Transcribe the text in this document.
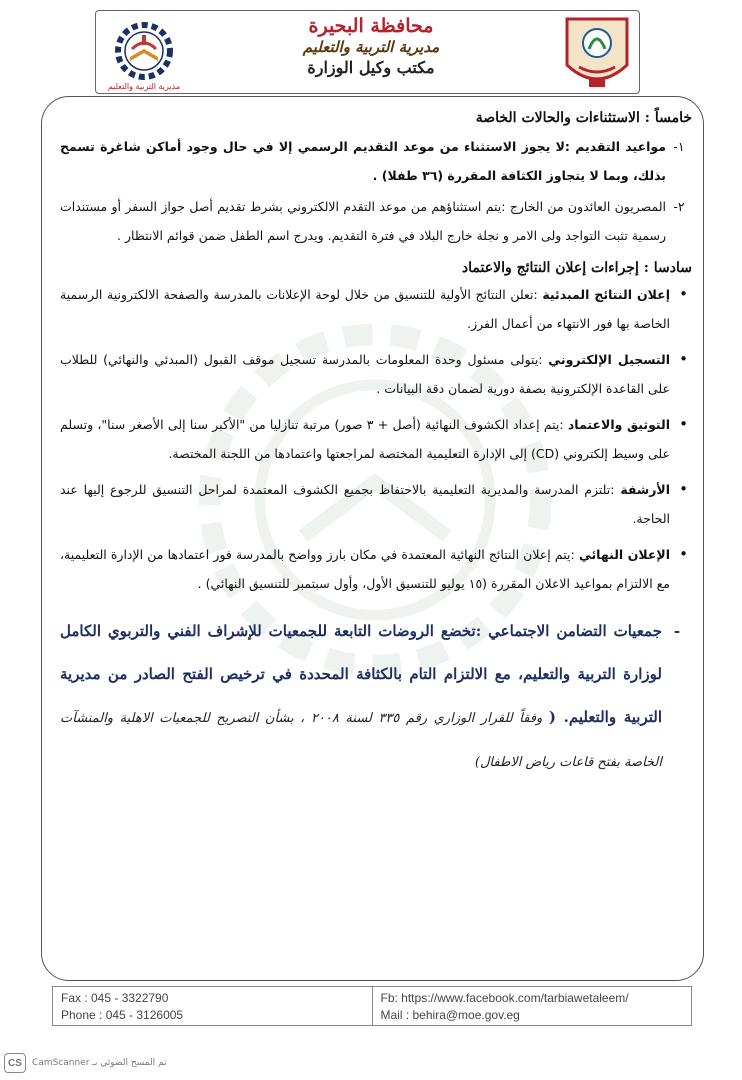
مديرية التربية والتعليم
محافظة البحيرة
مديرية التربية والتعليم
مكتب وكيل الوزارة
خامساً : الاستثناءات والحالات الخاصة
١-
مواعيد التقديم :لا يجوز الاستثناء من موعد التقديم الرسمي إلا في حال وجود أماكن شاغرة تسمح بذلك، وبما لا يتجاوز الكثافة المقررة (٣٦ طفلا) .
٢-
المصريون العائدون من الخارج :يتم استثناؤهم من موعد التقدم الالكتروني بشرط تقديم أصل جواز السفر أو مستندات رسمية تثبت التواجد ولى الامر و نجلة خارج البلاد في فترة التقديم. ويدرج اسم الطفل ضمن قوائم الانتظار .
سادسا : إجراءات إعلان النتائج والاعتماد
• إعلان النتائج المبدئية :تعلن النتائج الأولية للتنسيق من خلال لوحة الإعلانات بالمدرسة والصفحة الالكترونية الرسمية الخاصة بها فور الانتهاء من أعمال الفرز.
• التسجيل الإلكتروني :يتولى مسئول وحدة المعلومات بالمدرسة تسجيل موقف القبول (المبدئي والنهائي) للطلاب على القاعدة الإلكترونية بصفة دورية لضمان دقة البيانات .
• التوثيق والاعتماد :يتم إعداد الكشوف النهائية (أصل + ٣ صور) مرتبة تنازليا من "الأكبر سنا إلى الأصغر سنا"، وتسلم على وسيط إلكتروني (CD) إلى الإدارة التعليمية المختصة لمراجعتها واعتمادها من اللجنة المختصة.
• الأرشفة :تلتزم المدرسة والمديرية التعليمية بالاحتفاظ بجميع الكشوف المعتمدة لمراحل التنسيق للرجوع إليها عند الحاجة.
• الإعلان النهائي :يتم إعلان النتائج النهائية المعتمدة في مكان بارز وواضح بالمدرسة فور اعتمادها من الإدارة التعليمية، مع الالتزام بمواعيد الاعلان المقررة (١٥ يوليو للتنسيق الأول، وأول سبتمبر للتنسيق النهائي) .
-
جمعيات التضامن الاجتماعي :تخضع الروضات التابعة للجمعيات للإشراف الفني والتربوي الكامل لوزارة التربية والتعليم، مع الالتزام التام بالكثافة المحددة في ترخيص الفتح الصادر من مديرية التربية والتعليم. ( وفقاً للقرار الوزاري رقم ٣٣٥ لسنة ٢٠٠٨ ، بشأن التصريح للجمعيات الاهلية والمنشآت الخاصة بفتح قاعات رياض الاطفال)
Fax : 045 - 3322790
Phone : 045 - 3126005
Fb: https://www.facebook.com/tarbiawetaleem/
Mail : behira@moe.gov.eg
CS	تم المسح الضوئي بـ CamScanner
